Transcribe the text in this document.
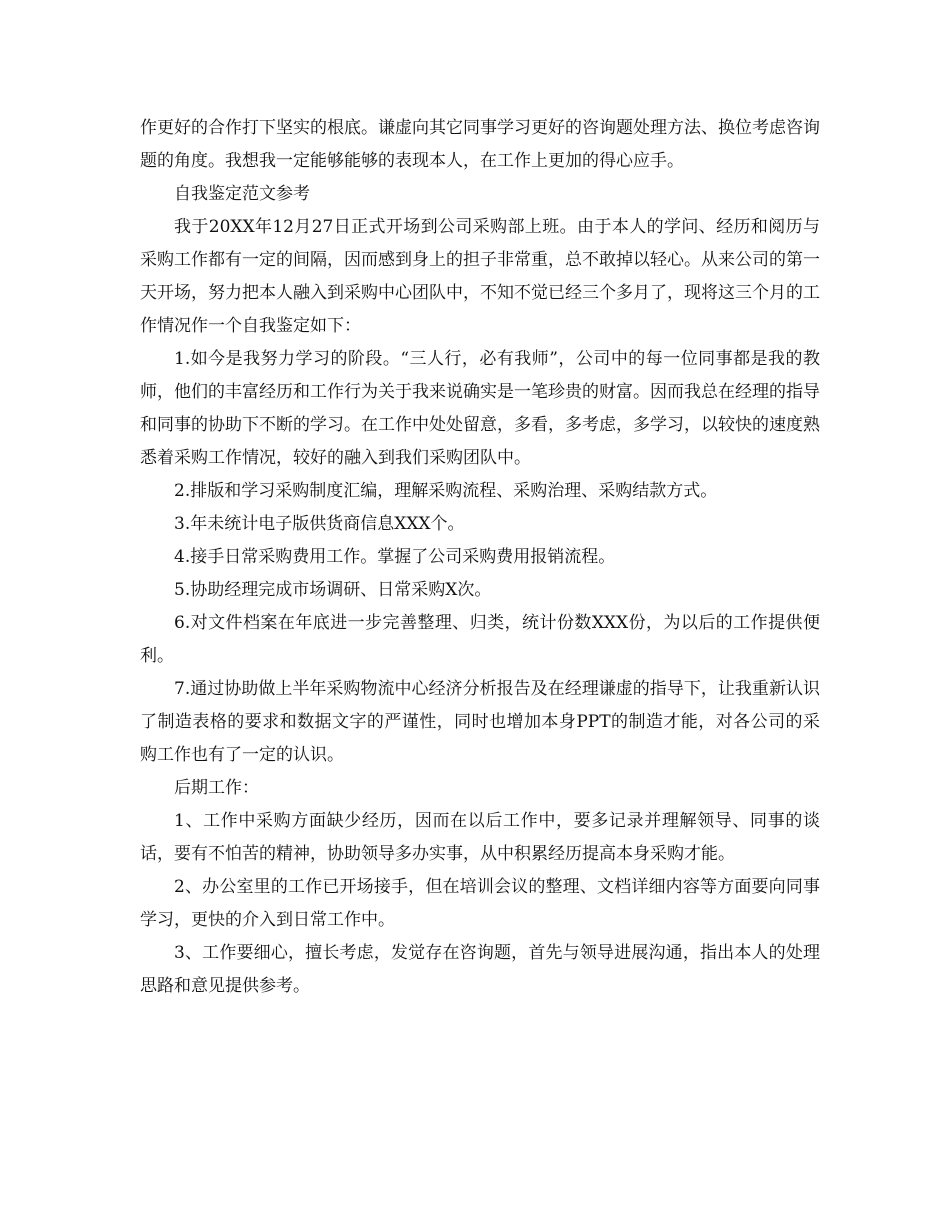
作更好的合作打下坚实的根底。谦虚向其它同事学习更好的咨询题处理方法、换位考虑咨询题的角度。我想我一定能够能够的表现本人，在工作上更加的得心应手。

自我鉴定范文参考

我于20XX年12月27日正式开场到公司采购部上班。由于本人的学问、经历和阅历与采购工作都有一定的间隔，因而感到身上的担子非常重，总不敢掉以轻心。从来公司的第一天开场，努力把本人融入到采购中心团队中，不知不觉已经三个多月了，现将这三个月的工作情况作一个自我鉴定如下：

1.如今是我努力学习的阶段。“三人行，必有我师”，公司中的每一位同事都是我的教师，他们的丰富经历和工作行为关于我来说确实是一笔珍贵的财富。因而我总在经理的指导和同事的协助下不断的学习。在工作中处处留意，多看，多考虑，多学习，以较快的速度熟悉着采购工作情况，较好的融入到我们采购团队中。

2.排版和学习采购制度汇编，理解采购流程、采购治理、采购结款方式。

3.年未统计电子版供货商信息XXX个。

4.接手日常采购费用工作。掌握了公司采购费用报销流程。

5.协助经理完成市场调研、日常采购X次。

6.对文件档案在年底进一步完善整理、归类，统计份数XXX份，为以后的工作提供便利。

7.通过协助做上半年采购物流中心经济分析报告及在经理谦虚的指导下，让我重新认识了制造表格的要求和数据文字的严谨性，同时也增加本身PPT的制造才能，对各公司的采购工作也有了一定的认识。

后期工作：

1、工作中采购方面缺少经历，因而在以后工作中，要多记录并理解领导、同事的谈话，要有不怕苦的精神，协助领导多办实事，从中积累经历提高本身采购才能。

2、办公室里的工作已开场接手，但在培训会议的整理、文档详细内容等方面要向同事学习，更快的介入到日常工作中。

3、工作要细心，擅长考虑，发觉存在咨询题，首先与领导进展沟通，指出本人的处理思路和意见提供参考。
